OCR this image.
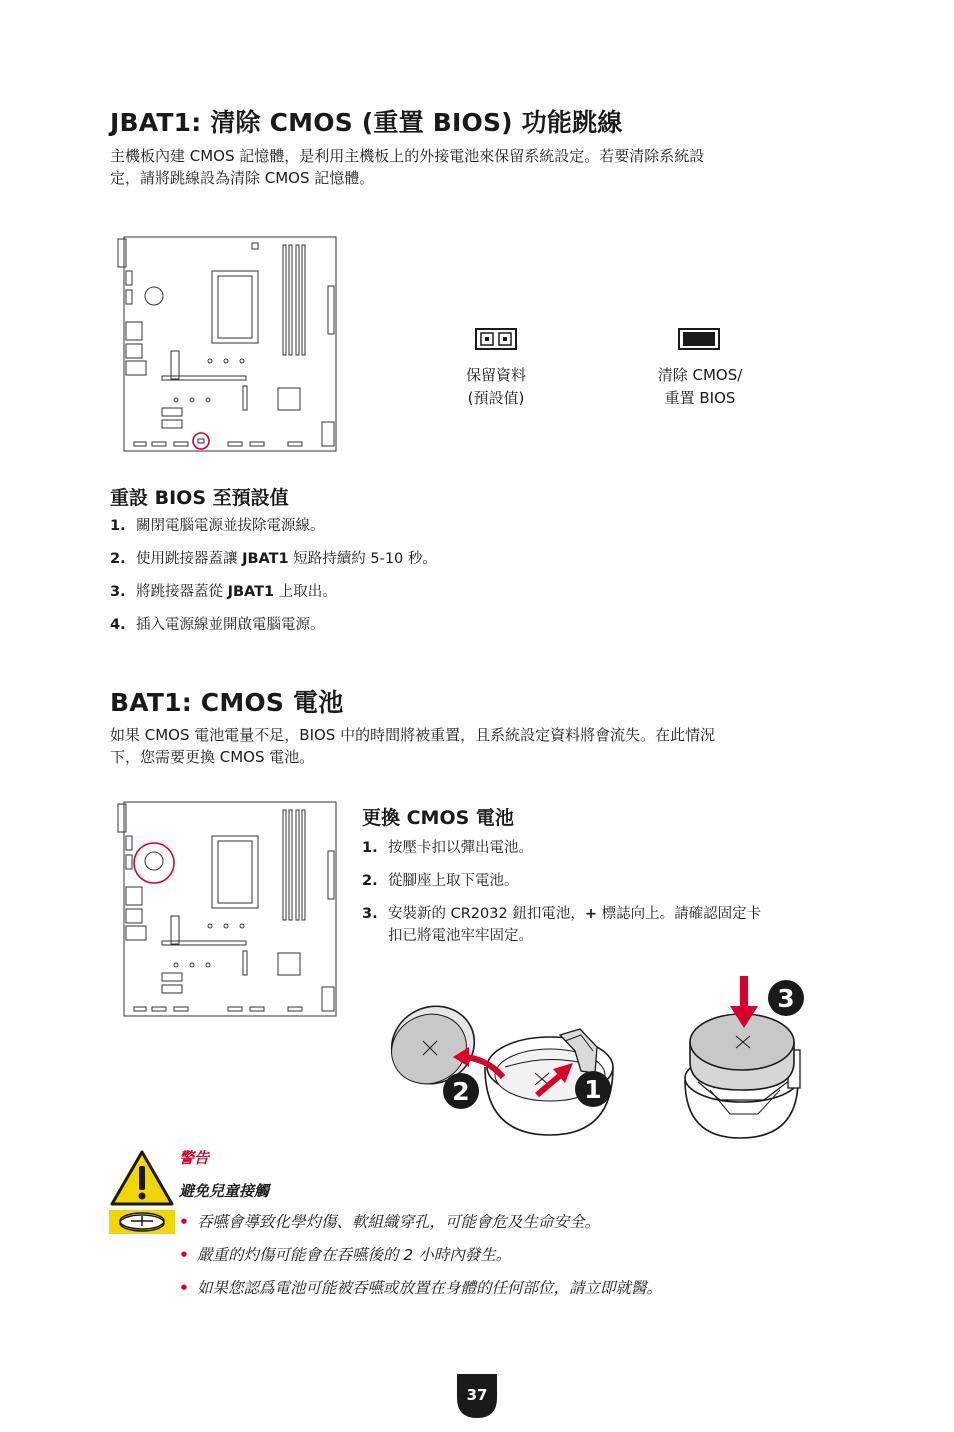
JBAT1: 清除 CMOS (重置 BIOS) 功能跳線
主機板內建 CMOS 記憶體，是利用主機板上的外接電池來保留系統設定。若要清除系統設
定，請將跳線設為清除 CMOS 記憶體。
保留資料
(預設值)
清除 CMOS/
重置 BIOS
重設 BIOS 至預設值
1. 關閉電腦電源並拔除電源線。
2. 使用跳接器蓋讓 JBAT1 短路持續約 5-10 秒。
3. 將跳接器蓋從 JBAT1 上取出。
4. 插入電源線並開啟電腦電源。
BAT1: CMOS 電池
如果 CMOS 電池電量不足，BIOS 中的時間將被重置，且系統設定資料將會流失。在此情況
下，您需要更換 CMOS 電池。
更換 CMOS 電池
1. 按壓卡扣以彈出電池。
2. 從腳座上取下電池。
3. 安裝新的 CR2032 鈕扣電池，+ 標誌向上。請確認固定卡
扣已將電池牢牢固定。
2	1
3
警告
避免兒童接觸
• 吞嚥會導致化學灼傷、軟組織穿孔，可能會危及生命安全。
• 嚴重的灼傷可能會在吞嚥後的 2 小時內發生。
• 如果您認爲電池可能被吞嚥或放置在身體的任何部位，請立即就醫。
37
